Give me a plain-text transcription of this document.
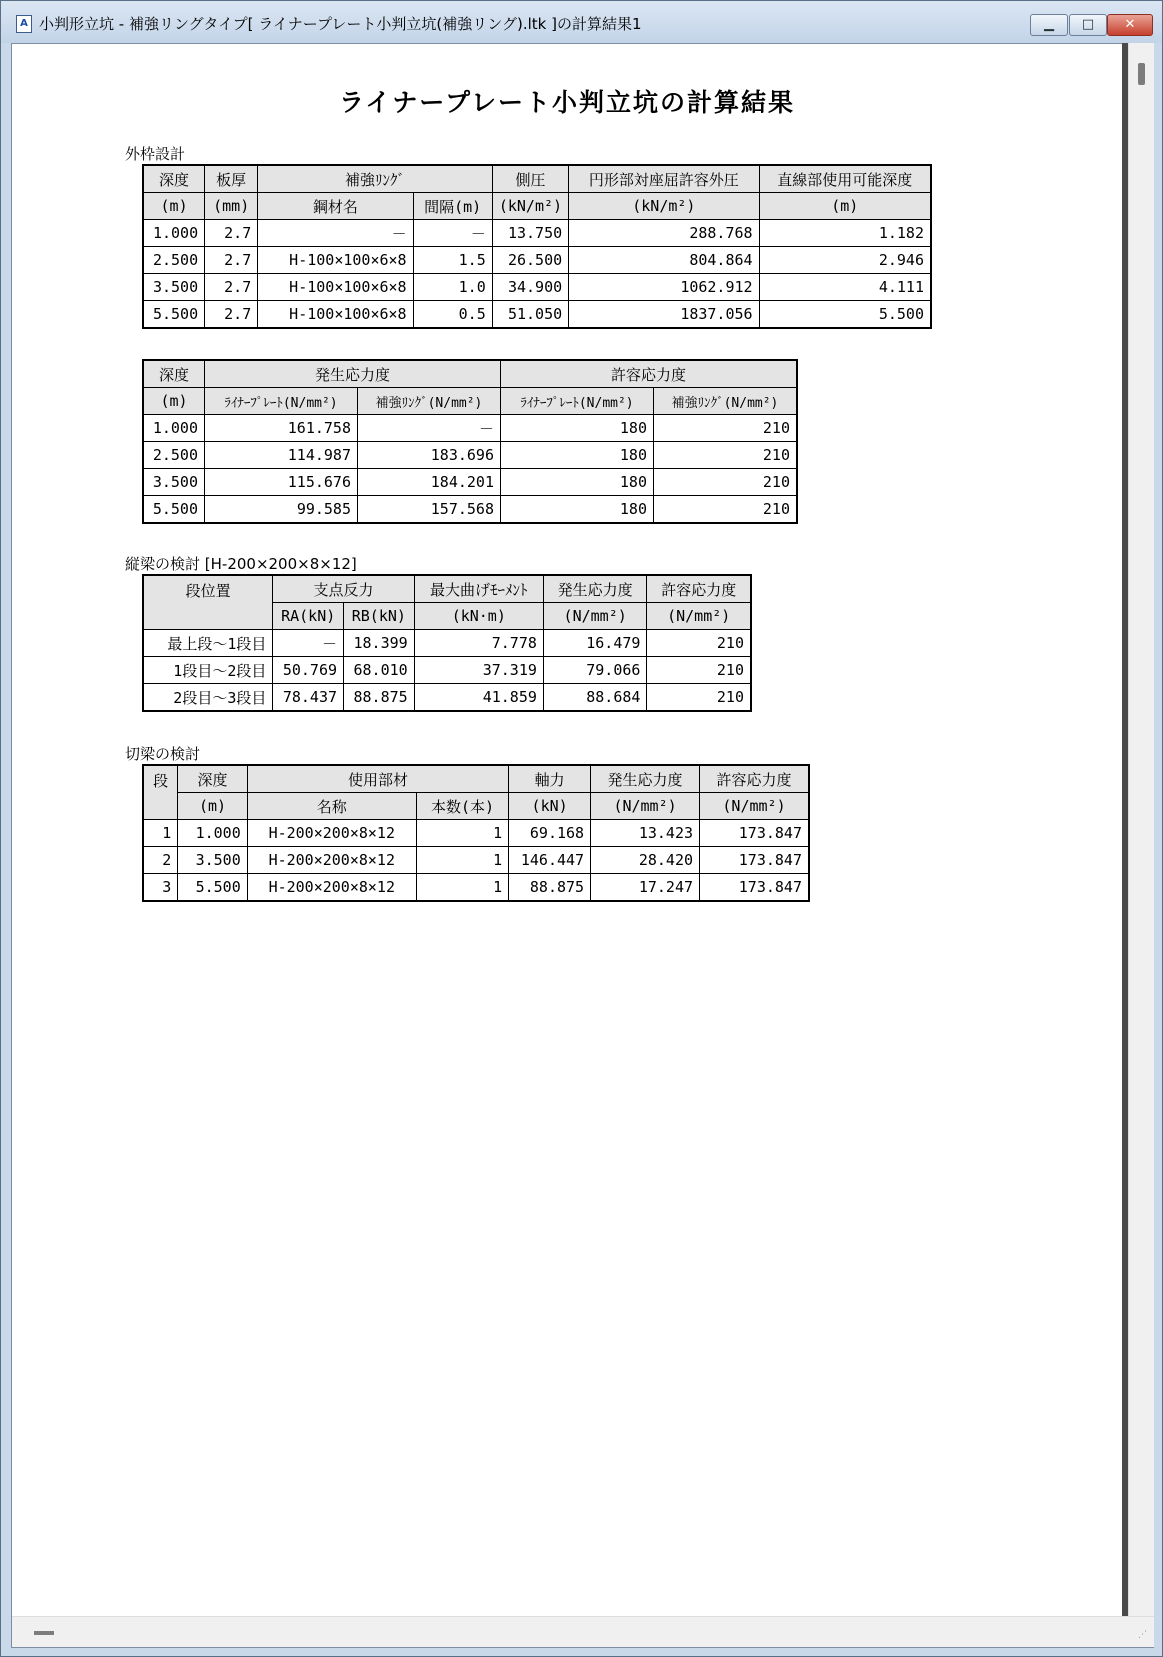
A 小判形立坑 - 補強リングタイプ[ ライナープレート小判立坑(補強リング).ltk ]の計算結果1	▁	□	✕
ライナープレート小判立坑の計算結果
外枠設計
深度	板厚	補強ﾘﾝｸﾞ		側圧	円形部対座屈許容外圧	直線部使用可能深度
(m)	(mm)	鋼材名	間隔(m)	(kN/m²)	(kN/m²)	(m)
1.000	2.7	－	－	13.750	288.768	1.182
2.500	2.7	H-100×100×6×8	1.5	26.500	804.864	2.946
3.500	2.7	H-100×100×6×8	1.0	34.900	1062.912	4.111
5.500	2.7	H-100×100×6×8	0.5	51.050	1837.056	5.500
深度	発生応力度		許容応力度	
(m)	ﾗｲﾅｰﾌﾟﾚｰﾄ(N/mm²)	補強ﾘﾝｸﾞ(N/mm²)	ﾗｲﾅｰﾌﾟﾚｰﾄ(N/mm²)	補強ﾘﾝｸﾞ(N/mm²)
1.000	161.758	－	180	210
2.500	114.987	183.696	180	210
3.500	115.676	184.201	180	210
5.500	99.585	157.568	180	210
縦梁の検討 [H-200×200×8×12]
段位置	支点反力		最大曲げﾓｰﾒﾝﾄ	発生応力度	許容応力度
	RA(kN)	RB(kN)	(kN·m)	(N/mm²)	(N/mm²)
最上段～1段目	－	18.399	7.778	16.479	210
1段目～2段目	50.769	68.010	37.319	79.066	210
2段目～3段目	78.437	88.875	41.859	88.684	210
切梁の検討
段	深度	使用部材		軸力	発生応力度	許容応力度
	(m)	名称	本数(本)	(kN)	(N/mm²)	(N/mm²)
1	1.000	H-200×200×8×12	1	69.168	13.423	173.847
2	3.500	H-200×200×8×12	1	146.447	28.420	173.847
3	5.500	H-200×200×8×12	1	88.875	17.247	173.847
⋰
